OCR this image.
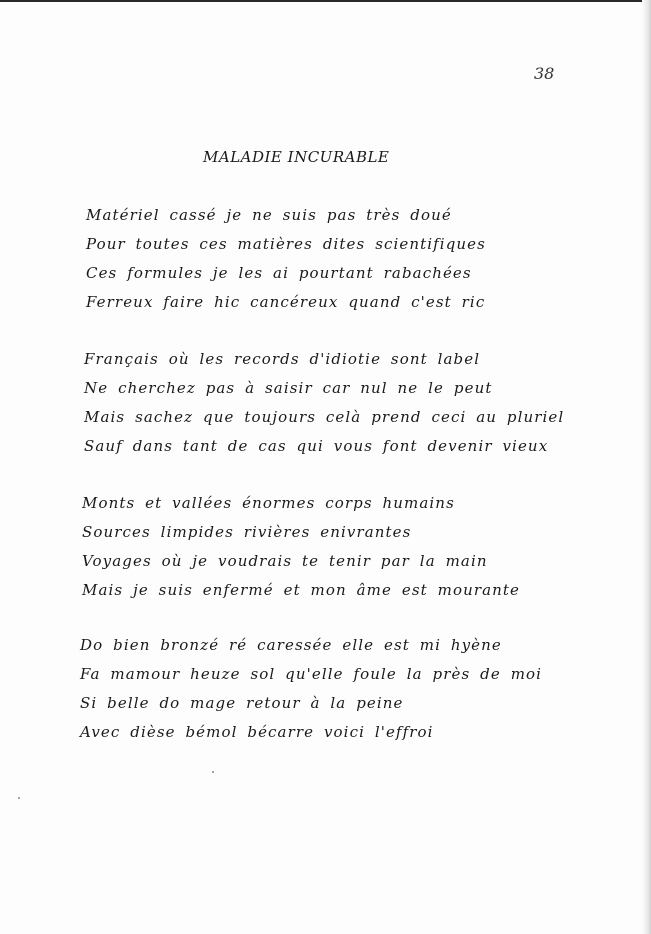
38
MALADIE INCURABLE
Matériel cassé je ne suis pas très doué
Pour toutes ces matières dites scientifiques
Ces formules je les ai pourtant rabachées
Ferreux faire hic cancéreux quand c'est ric
Français où les records d'idiotie sont label
Ne cherchez pas à saisir car nul ne le peut
Mais sachez que toujours celà prend ceci au pluriel
Sauf dans tant de cas qui vous font devenir vieux
Monts et vallées énormes corps humains
Sources limpides rivières enivrantes
Voyages où je voudrais te tenir par la main
Mais je suis enfermé et mon âme est mourante
Do bien bronzé ré caressée elle est mi hyène
Fa mamour heuze sol qu'elle foule la près de moi
Si belle do mage retour à la peine
Avec dièse bémol bécarre voici l'effroi
